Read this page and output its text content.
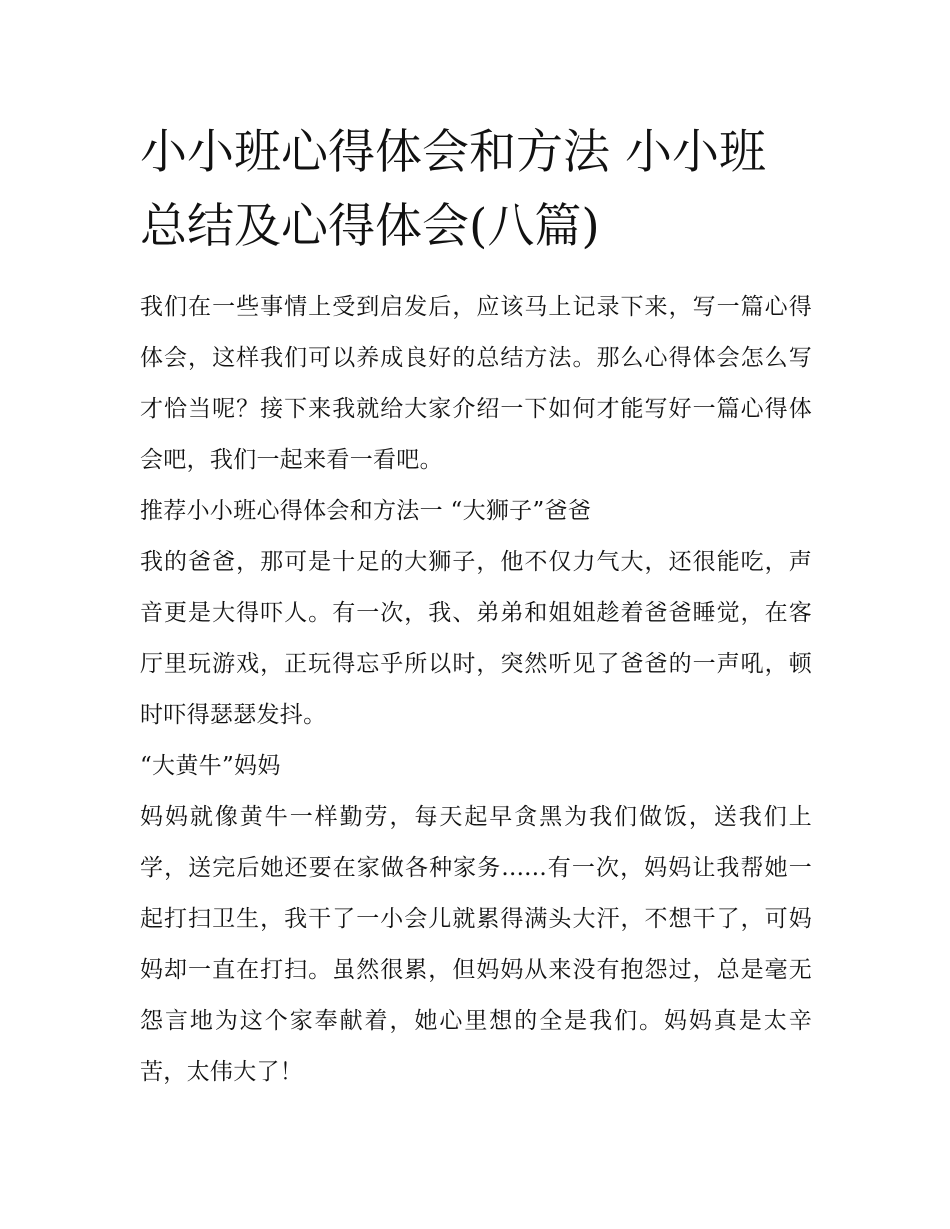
小小班心得体会和方法 小小班总结及心得体会(八篇)

我们在一些事情上受到启发后，应该马上记录下来，写一篇心得体会，这样我们可以养成良好的总结方法。那么心得体会怎么写才恰当呢？接下来我就给大家介绍一下如何才能写好一篇心得体会吧，我们一起来看一看吧。

推荐小小班心得体会和方法一 “大狮子”爸爸

我的爸爸，那可是十足的大狮子，他不仅力气大，还很能吃，声音更是大得吓人。有一次，我、弟弟和姐姐趁着爸爸睡觉，在客厅里玩游戏，正玩得忘乎所以时，突然听见了爸爸的一声吼，顿时吓得瑟瑟发抖。

“大黄牛”妈妈

妈妈就像黄牛一样勤劳，每天起早贪黑为我们做饭，送我们上学，送完后她还要在家做各种家务......有一次，妈妈让我帮她一起打扫卫生，我干了一小会儿就累得满头大汗，不想干了，可妈妈却一直在打扫。虽然很累，但妈妈从来没有抱怨过，总是毫无怨言地为这个家奉献着，她心里想的全是我们。妈妈真是太辛苦，太伟大了！
